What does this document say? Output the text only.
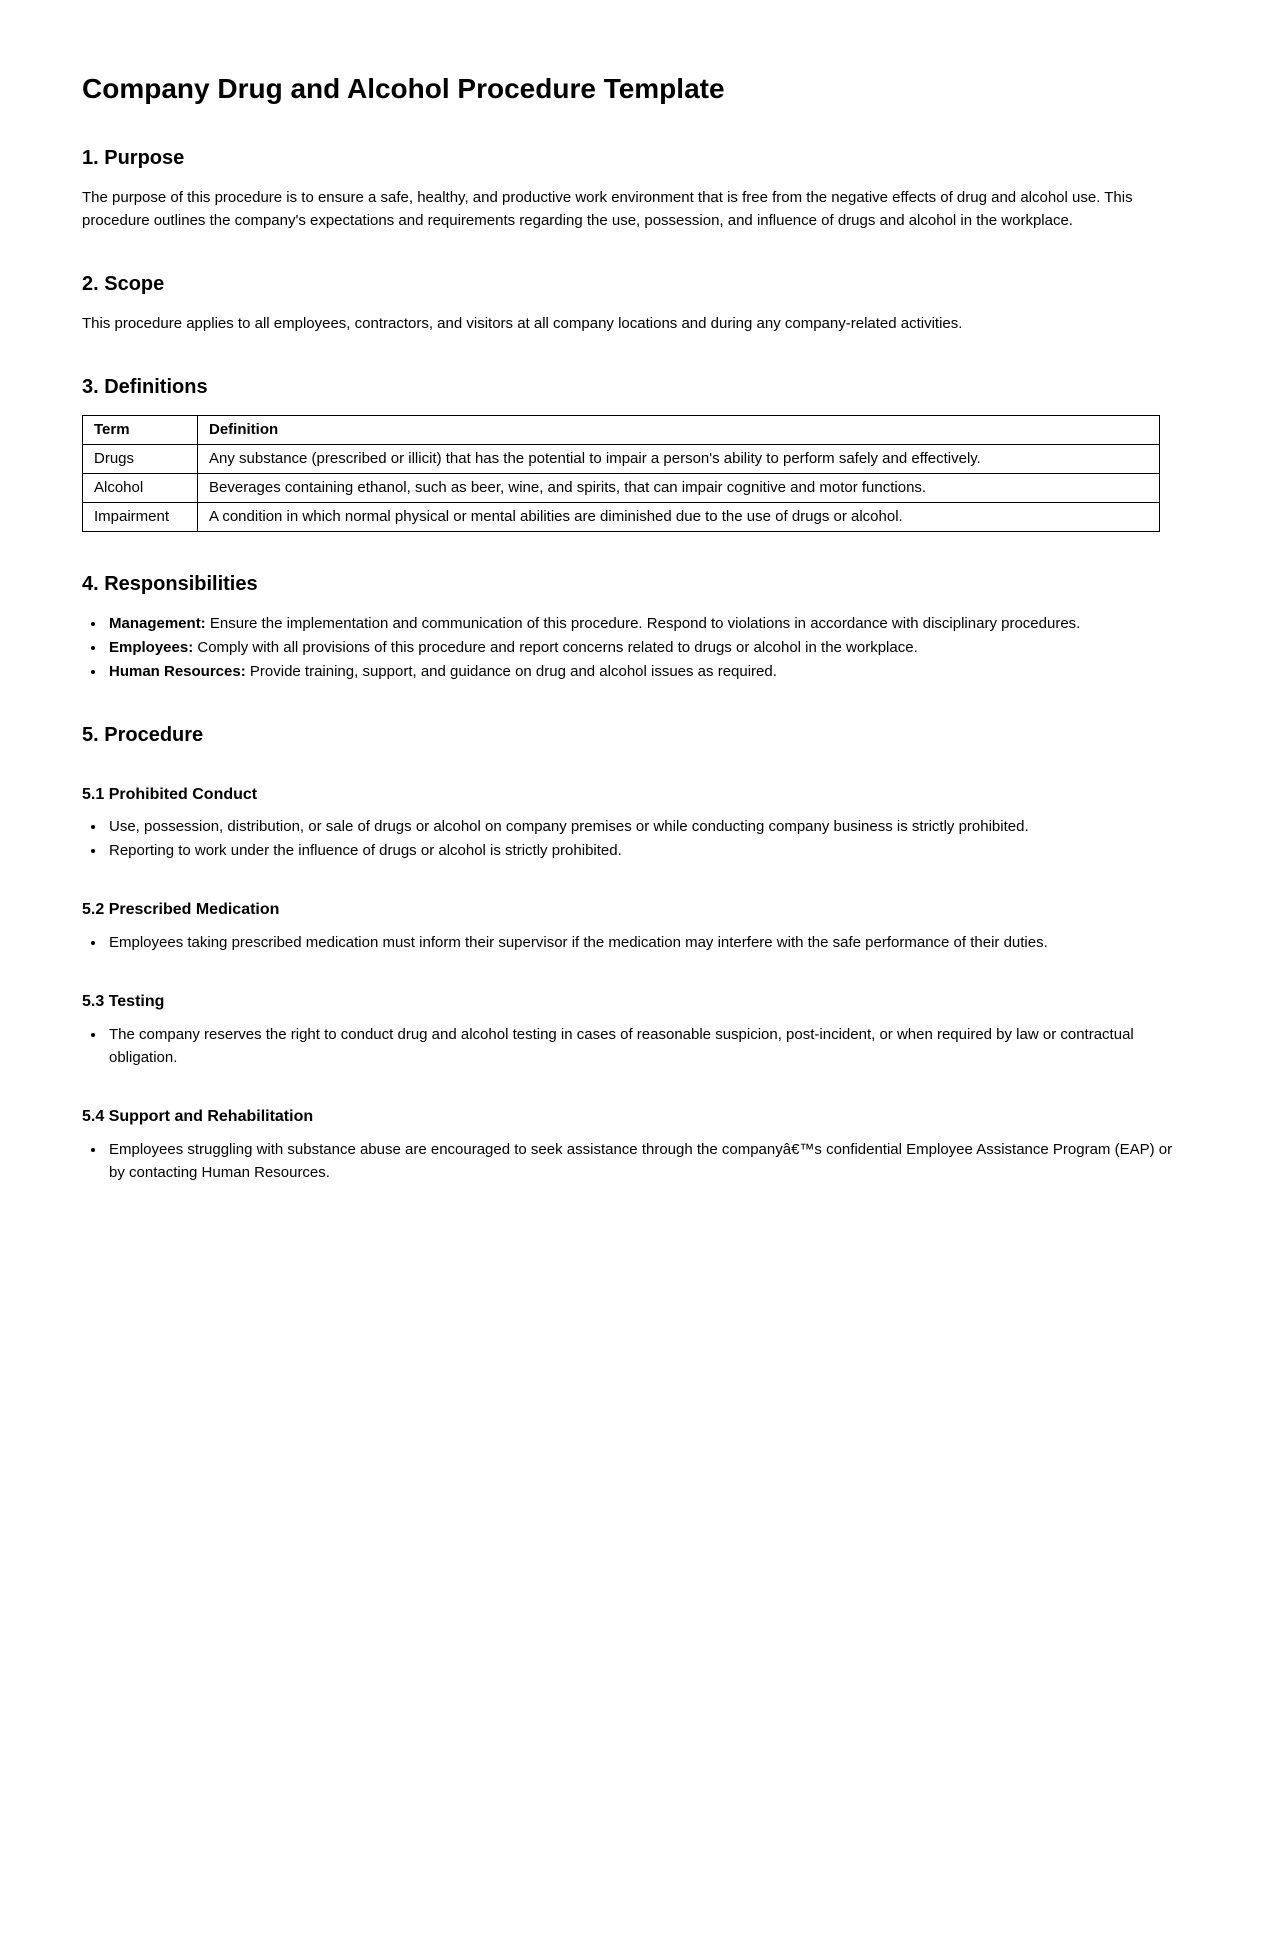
Company Drug and Alcohol Procedure Template
1. Purpose

The purpose of this procedure is to ensure a safe, healthy, and productive work environment that is free from the negative effects of drug and alcohol use. This procedure outlines the company's expectations and requirements regarding the use, possession, and influence of drugs and alcohol in the workplace.

2. Scope

This procedure applies to all employees, contractors, and visitors at all company locations and during any company-related activities.

3. Definitions
Term	Definition
Drugs	Any substance (prescribed or illicit) that has the potential to impair a person's ability to perform safely and effectively.
Alcohol	Beverages containing ethanol, such as beer, wine, and spirits, that can impair cognitive and motor functions.
Impairment	A condition in which normal physical or mental abilities are diminished due to the use of drugs or alcohol.
4. Responsibilities
• Management: Ensure the implementation and communication of this procedure. Respond to violations in accordance with disciplinary procedures.
• Employees: Comply with all provisions of this procedure and report concerns related to drugs or alcohol in the workplace.
• Human Resources: Provide training, support, and guidance on drug and alcohol issues as required.
5. Procedure
5.1 Prohibited Conduct
• Use, possession, distribution, or sale of drugs or alcohol on company premises or while conducting company business is strictly prohibited.
• Reporting to work under the influence of drugs or alcohol is strictly prohibited.
5.2 Prescribed Medication
• Employees taking prescribed medication must inform their supervisor if the medication may interfere with the safe performance of their duties.
5.3 Testing
• The company reserves the right to conduct drug and alcohol testing in cases of reasonable suspicion, post-incident, or when required by law or contractual obligation.
5.4 Support and Rehabilitation
• Employees struggling with substance abuse are encouraged to seek assistance through the companyâ€™s confidential Employee Assistance Program (EAP) or by contacting Human Resources.
